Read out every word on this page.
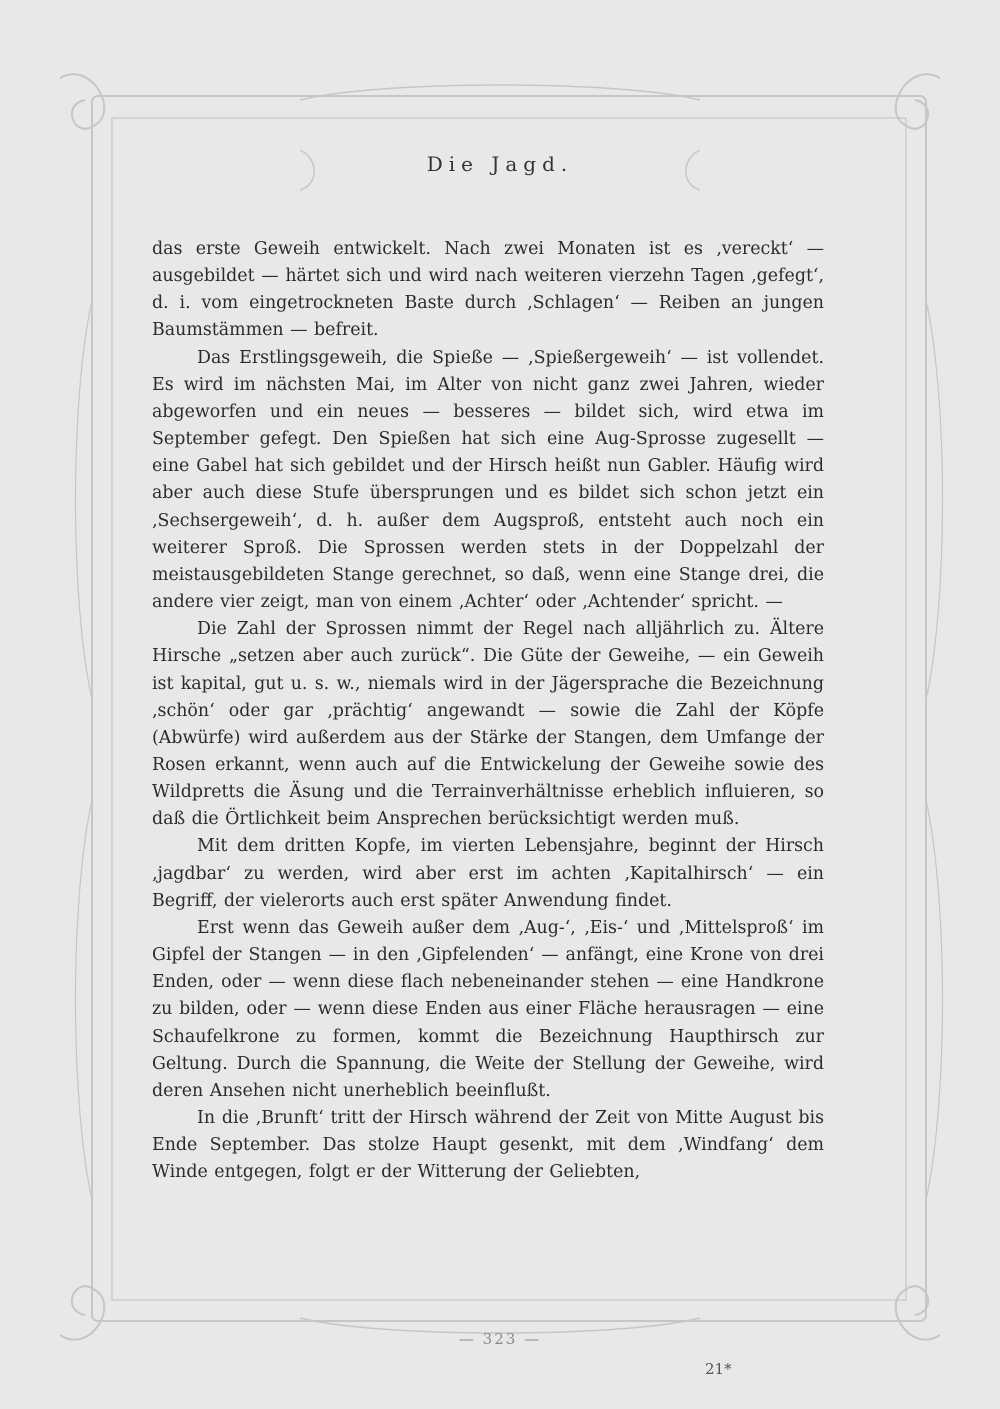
Die Jagd.

das erste Geweih entwickelt. Nach zwei Monaten ist es ‚vereckt‘ — ausgebildet — härtet sich und wird nach weiteren vierzehn Tagen ‚gefegt‘, d. i. vom eingetrockneten Baste durch ‚Schlagen‘ — Reiben an jungen Baumstämmen — befreit.

Das Erstlingsgeweih, die Spieße — ‚Spießergeweih‘ — ist vollendet. Es wird im nächsten Mai, im Alter von nicht ganz zwei Jahren, wieder abgeworfen und ein neues — besseres — bildet sich, wird etwa im September gefegt. Den Spießen hat sich eine Aug-Sprosse zugesellt — eine Gabel hat sich gebildet und der Hirsch heißt nun Gabler. Häufig wird aber auch diese Stufe übersprungen und es bildet sich schon jetzt ein ‚Sechsergeweih‘, d. h. außer dem Augsproß, entsteht auch noch ein weiterer Sproß. Die Sprossen werden stets in der Doppelzahl der meistausgebildeten Stange gerechnet, so daß, wenn eine Stange drei, die andere vier zeigt, man von einem ‚Achter‘ oder ‚Achtender‘ spricht. —

Die Zahl der Sprossen nimmt der Regel nach alljährlich zu. Ältere Hirsche „setzen aber auch zurück“. Die Güte der Geweihe, — ein Geweih ist kapital, gut u. s. w., niemals wird in der Jägersprache die Bezeichnung ‚schön‘ oder gar ‚prächtig‘ angewandt — sowie die Zahl der Köpfe (Abwürfe) wird außerdem aus der Stärke der Stangen, dem Umfange der Rosen erkannt, wenn auch auf die Entwickelung der Geweihe sowie des Wildpretts die Äsung und die Terrainverhältnisse erheblich influieren, so daß die Örtlichkeit beim Ansprechen berücksichtigt werden muß.

Mit dem dritten Kopfe, im vierten Lebensjahre, beginnt der Hirsch ‚jagdbar‘ zu werden, wird aber erst im achten ‚Kapitalhirsch‘ — ein Begriff, der vielerorts auch erst später Anwendung findet.

Erst wenn das Geweih außer dem ‚Aug-‘, ‚Eis-‘ und ‚Mittelsproß‘ im Gipfel der Stangen — in den ‚Gipfelenden‘ — anfängt, eine Krone von drei Enden, oder — wenn diese flach nebeneinander stehen — eine Handkrone zu bilden, oder — wenn diese Enden aus einer Fläche herausragen — eine Schaufelkrone zu formen, kommt die Bezeichnung Haupthirsch zur Geltung. Durch die Spannung, die Weite der Stellung der Geweihe, wird deren Ansehen nicht unerheblich beeinflußt.

In die ‚Brunft‘ tritt der Hirsch während der Zeit von Mitte August bis Ende September. Das stolze Haupt gesenkt, mit dem ‚Windfang‘ dem Winde entgegen, folgt er der Witterung der Geliebten,

— 323 —
21*
